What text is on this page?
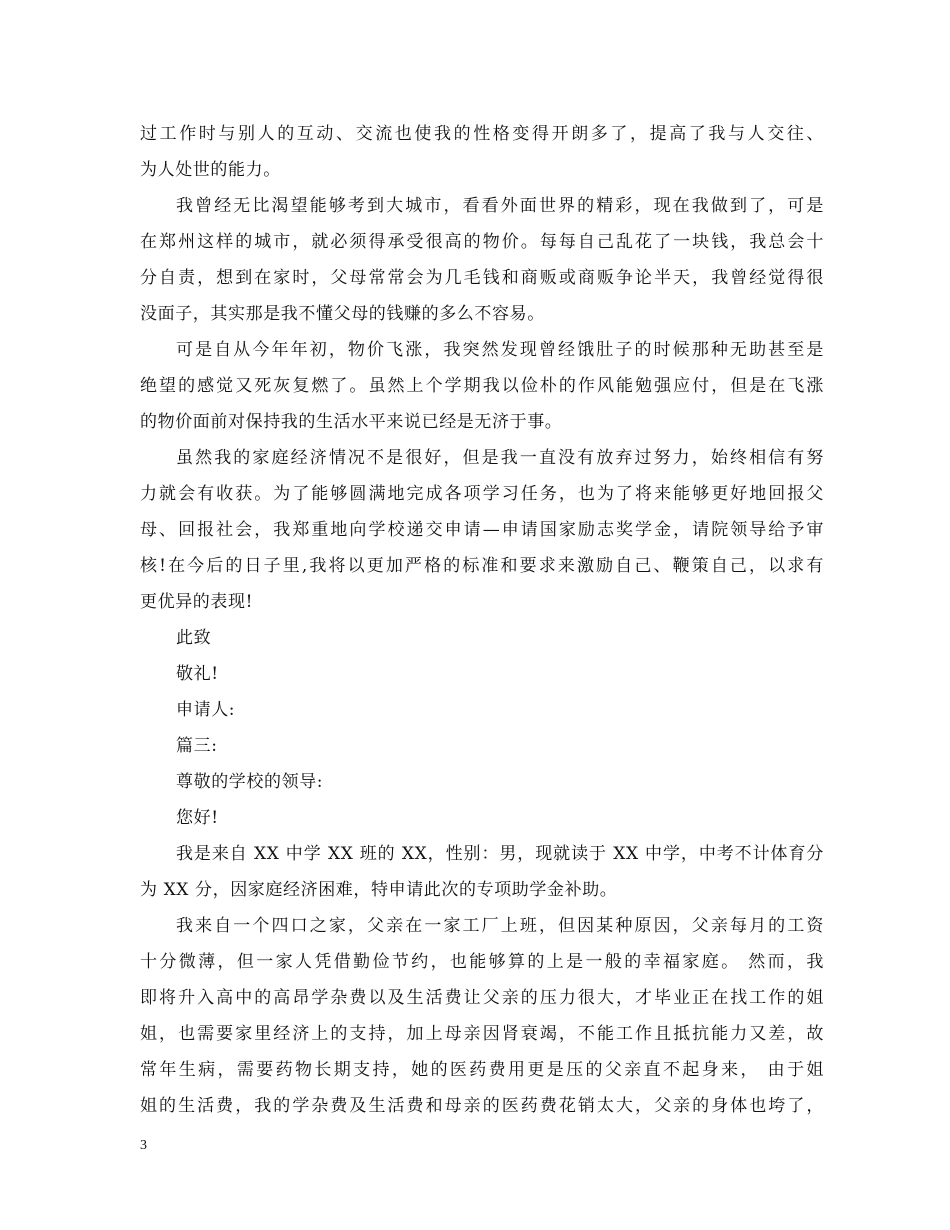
过工作时与别人的互动、交流也使我的性格变得开朗多了，提高了我与人交往、
为人处世的能力。
我曾经无比渴望能够考到大城市，看看外面世界的精彩，现在我做到了，可是
在郑州这样的城市，就必须得承受很高的物价。每每自己乱花了一块钱，我总会十
分自责，想到在家时，父母常常会为几毛钱和商贩或商贩争论半天，我曾经觉得很
没面子，其实那是我不懂父母的钱赚的多么不容易。
可是自从今年年初，物价飞涨，我突然发现曾经饿肚子的时候那种无助甚至是
绝望的感觉又死灰复燃了。虽然上个学期我以俭朴的作风能勉强应付，但是在飞涨
的物价面前对保持我的生活水平来说已经是无济于事。
虽然我的家庭经济情况不是很好，但是我一直没有放弃过努力，始终相信有努
力就会有收获。为了能够圆满地完成各项学习任务，也为了将来能够更好地回报父
母、回报社会，我郑重地向学校递交申请—申请国家励志奖学金，请院领导给予审
核!在今后的日子里,我将以更加严格的标准和要求来激励自己、鞭策自己，以求有
更优异的表现!
此致
敬礼!
申请人:
篇三:
尊敬的学校的领导:
您好!
我是来自 XX 中学 XX 班的 XX，性别：男，现就读于 XX 中学，中考不计体育分
为 XX 分，因家庭经济困难，特申请此次的专项助学金补助。
我来自一个四口之家，父亲在一家工厂上班，但因某种原因，父亲每月的工资
十分微薄，但一家人凭借勤俭节约，也能够算的上是一般的幸福家庭。 然而，我
即将升入高中的高昂学杂费以及生活费让父亲的压力很大，才毕业正在找工作的姐
姐，也需要家里经济上的支持，加上母亲因肾衰竭，不能工作且抵抗能力又差，故
常年生病，需要药物长期支持，她的医药费用更是压的父亲直不起身来， 由于姐
姐的生活费，我的学杂费及生活费和母亲的医药费花销太大，父亲的身体也垮了，
3
